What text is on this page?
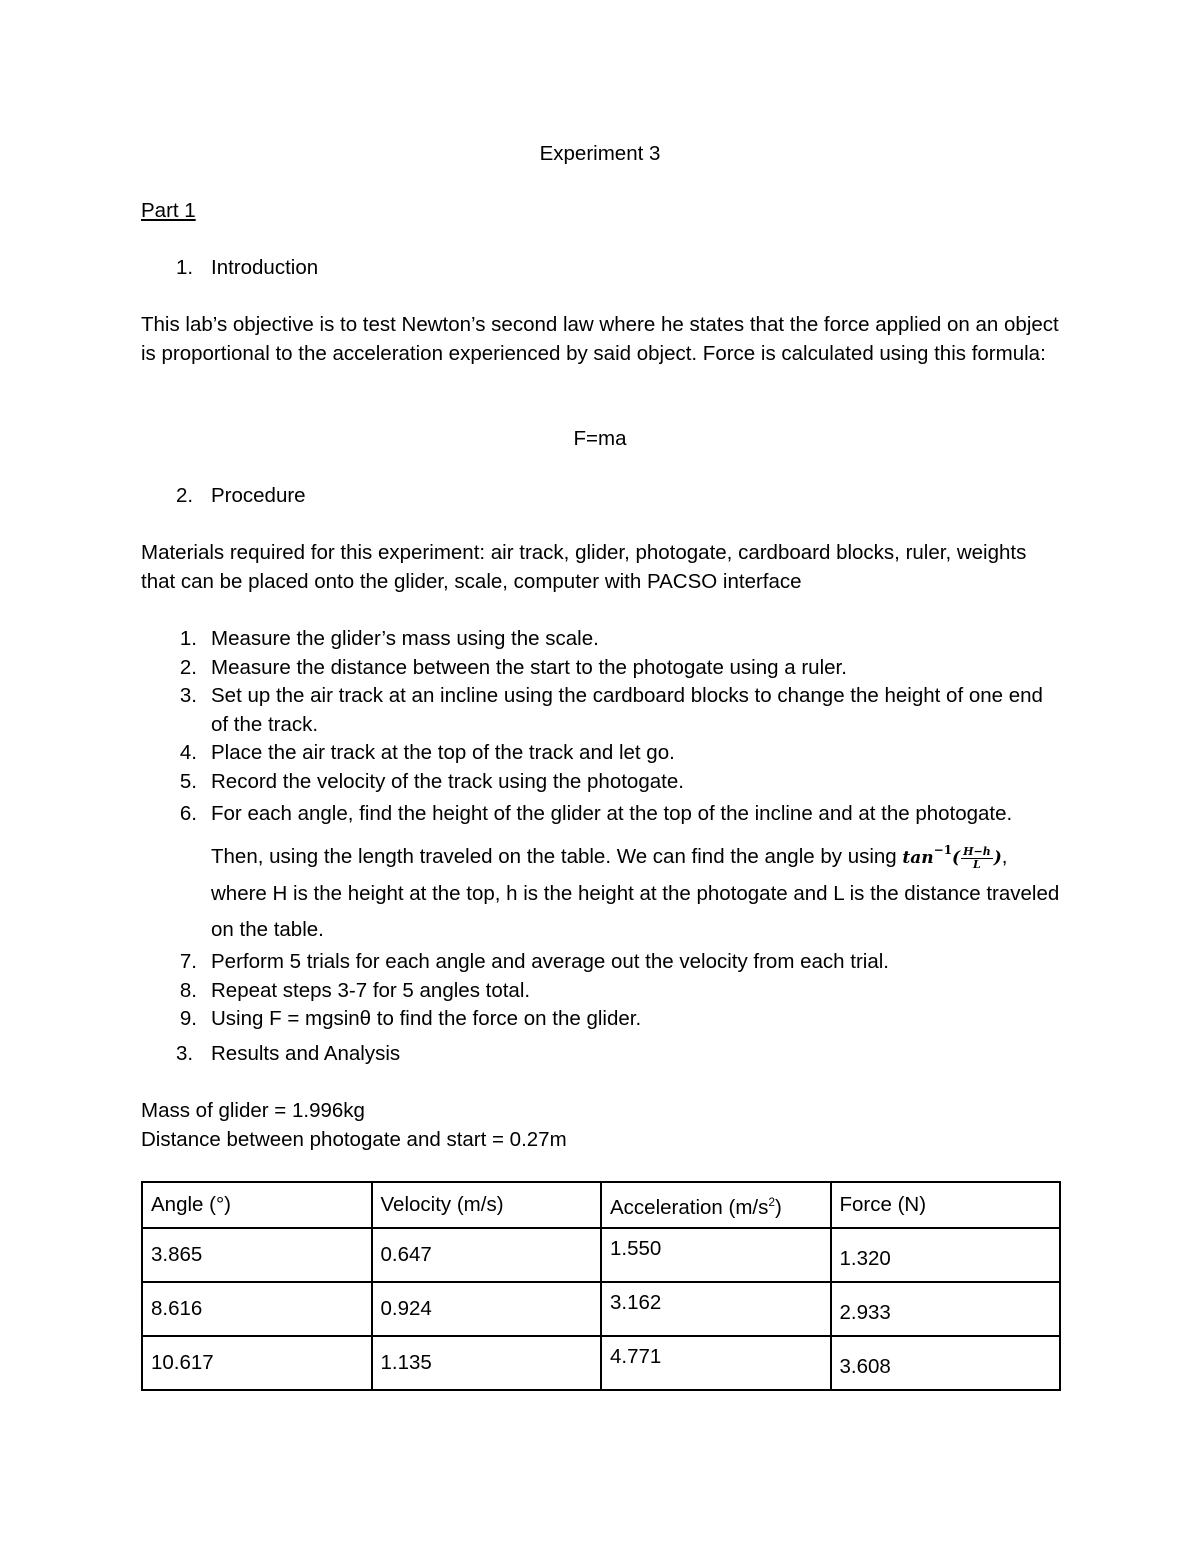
Experiment 3
Part 1
1. Introduction
This lab’s objective is to test Newton’s second law where he states that the force applied on an object is proportional to the acceleration experienced by said object. Force is calculated using this formula:
F=ma
2. Procedure
Materials required for this experiment: air track, glider, photogate, cardboard blocks, ruler, weights that can be placed onto the glider, scale, computer with PACSO interface
1. Measure the glider’s mass using the scale.
2. Measure the distance between the start to the photogate using a ruler.
3. Set up the air track at an incline using the cardboard blocks to change the height of one end of the track.
4. Place the air track at the top of the track and let go.
5. Record the velocity of the track using the photogate.
6. For each angle, find the height of the glider at the top of the incline and at the photogate. Then, using the length traveled on the table. We can find the angle by using $\tan^{-1}( \frac{H-h}{L}$ ), where H is the height at the top, h is the height at the photogate and L is the distance traveled on the table.
7. Perform 5 trials for each angle and average out the velocity from each trial.
8. Repeat steps 3-7 for 5 angles total.
9. Using F = mgsinθ to find the force on the glider.
3. Results and Analysis
Mass of glider = 1.996kg
Distance between photogate and start = 0.27m
Angle (°)	Velocity (m/s)	Acceleration $(m/s^2)$	Force (N)
3.865	0.647	1.550	1.320
8.616	0.924	3.162	2.933
10.617	1.135	4.771	3.608
